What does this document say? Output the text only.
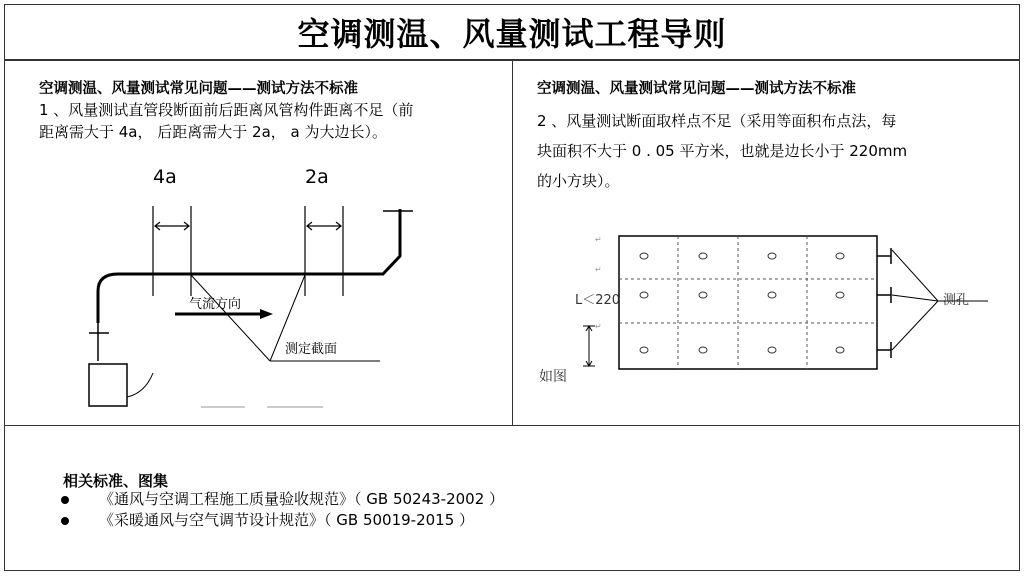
空调测温、风量测试工程导则
空调测温、风量测试常见问题——测试方法不标准
1 、风量测试直管段断面前后距离风管构件距离不足（前
距离需大于 4a， 后距离需大于 2a， a 为大边长）。
4a	2a
气流方向
测定截面
空调测温、风量测试常见问题——测试方法不标准
2 、风量测试断面取样点不足（采用等面积布点法，每
块面积不大于 0 . 05 平方米，也就是边长小于 220mm
的小方块）。
测孔
L＜220
如图
↵
↵
↵
相关标准、图集
《通风与空调工程施工质量验收规范》（ GB 50243-2002 ）
《采暖通风与空气调节设计规范》（ GB 50019-2015 ）
